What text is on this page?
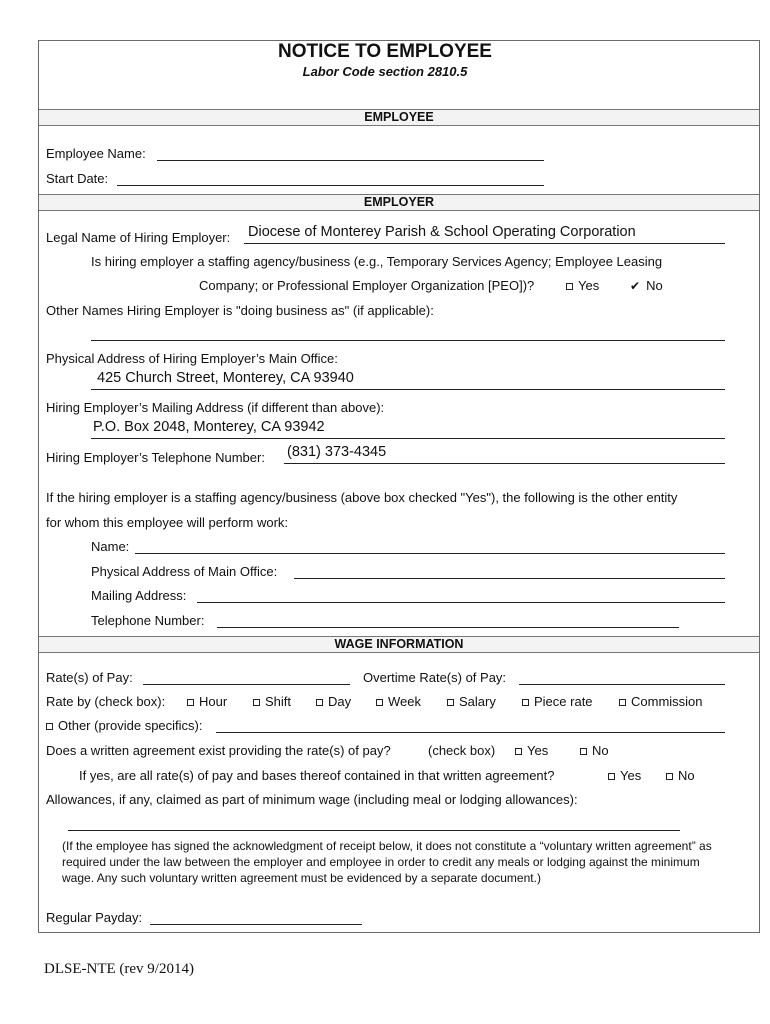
NOTICE TO EMPLOYEE
Labor Code section 2810.5
EMPLOYEE
Employee Name:
Start Date:
EMPLOYER
Legal Name of Hiring Employer: Diocese of Monterey Parish & School Operating Corporation
Is hiring employer a staffing agency/business (e.g., Temporary Services Agency; Employee Leasing
Company; or Professional Employer Organization [PEO])?	Yes	✔ No
Other Names Hiring Employer is "doing business as" (if applicable):
Physical Address of Hiring Employer’s Main Office:
425 Church Street, Monterey, CA 93940
Hiring Employer’s Mailing Address (if different than above):
P.O. Box 2048, Monterey, CA 93942
Hiring Employer’s Telephone Number: (831) 373-4345
If the hiring employer is a staffing agency/business (above box checked "Yes"), the following is the other entity
for whom this employee will perform work:
Name:
Physical Address of Main Office:
Mailing Address:
Telephone Number:
WAGE INFORMATION
Rate(s) of Pay:	Overtime Rate(s) of Pay:
Rate by (check box):	Hour	Shift	Day	Week	Salary	Piece rate	Commission
Other (provide specifics):
Does a written agreement exist providing the rate(s) of pay?	(check box)	Yes	No
If yes, are all rate(s) of pay and bases thereof contained in that written agreement?	Yes	No
Allowances, if any, claimed as part of minimum wage (including meal or lodging allowances):
(If the employee has signed the acknowledgment of receipt below, it does not constitute a “voluntary written agreement” as required under the law between the employer and employee in order to credit any meals or lodging against the minimum wage. Any such voluntary written agreement must be evidenced by a separate document.)
Regular Payday:
DLSE-NTE (rev 9/2014)
